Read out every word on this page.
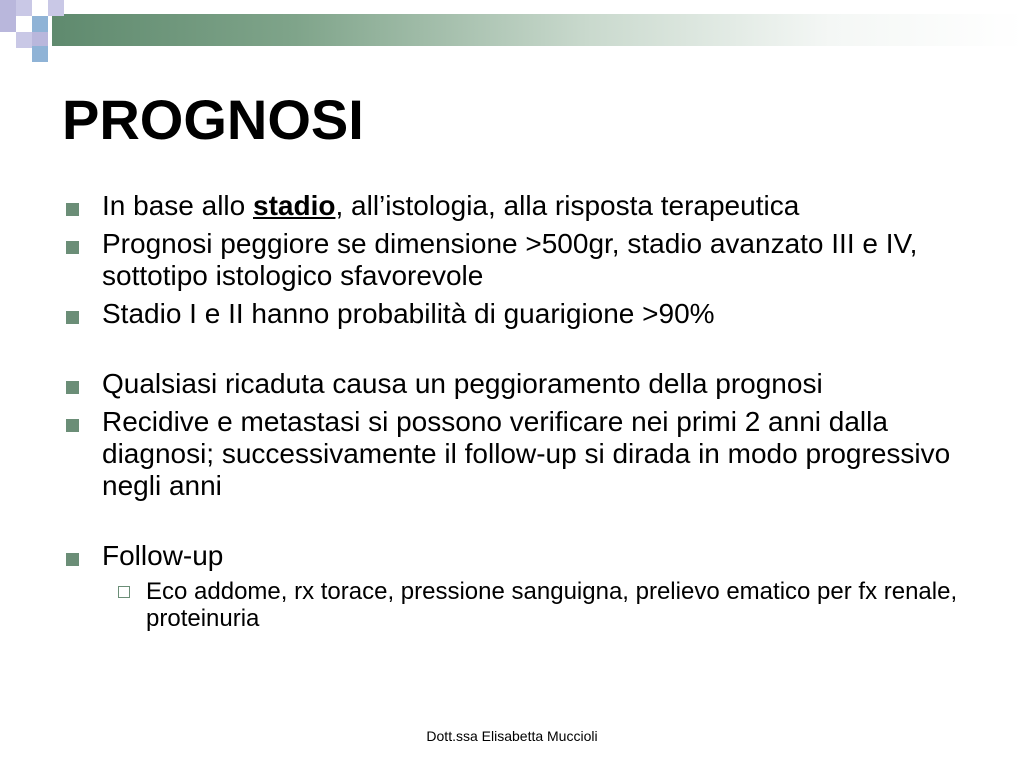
PROGNOSI
In base allo stadio, all’istologia, alla risposta terapeutica
Prognosi peggiore se dimensione >500gr, stadio avanzato III e IV, sottotipo istologico sfavorevole
Stadio I e II hanno probabilità di guarigione >90%
Qualsiasi ricaduta causa un peggioramento della prognosi
Recidive e metastasi si possono verificare nei primi 2 anni dalla diagnosi; successivamente il follow-up si dirada in modo progressivo negli anni
Follow-up
Eco addome, rx torace, pressione sanguigna, prelievo ematico per fx renale, proteinuria
Dott.ssa Elisabetta Muccioli
